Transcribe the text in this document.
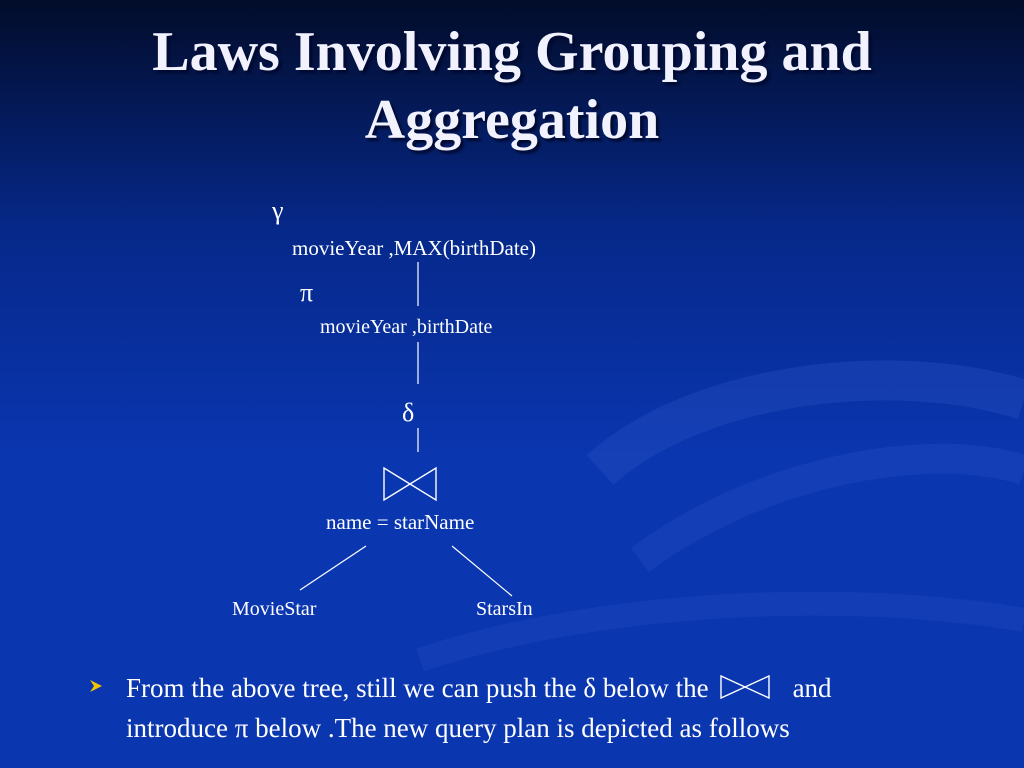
Laws Involving Grouping and
Aggregation
γ
movieYear ,MAX(birthDate)
π
movieYear ,birthDate
δ
name = starName
MovieStar	StarsIn
From the above tree, still we can push the δ below the	and
introduce π below .The new query plan is depicted as follows
